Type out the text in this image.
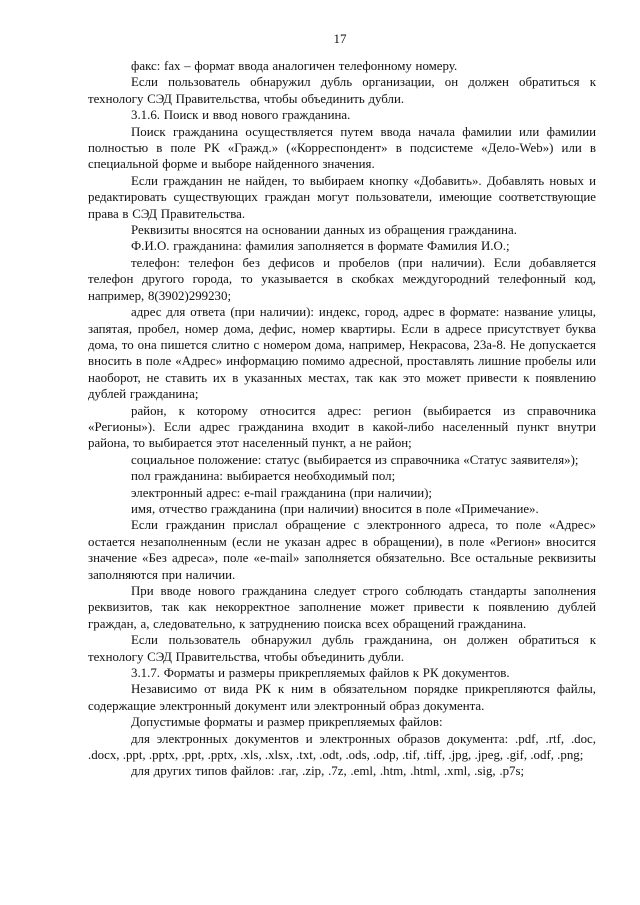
17

факс: fax – формат ввода аналогичен телефонному номеру.

Если пользователь обнаружил дубль организации, он должен обратиться к технологу СЭД Правительства, чтобы объединить дубли.

3.1.6. Поиск и ввод нового гражданина.

Поиск гражданина осуществляется путем ввода начала фамилии или фамилии полностью в поле РК «Гражд.» («Корреспондент» в подсистеме «Дело-Web») или в специальной форме и выборе найденного значения.

Если гражданин не найден, то выбираем кнопку «Добавить». Добавлять новых и редактировать существующих граждан могут пользователи, имеющие соответствующие права в СЭД Правительства.

Реквизиты вносятся на основании данных из обращения гражданина.

Ф.И.О. гражданина: фамилия заполняется в формате Фамилия И.О.;

телефон: телефон без дефисов и пробелов (при наличии). Если добавляется телефон другого города, то указывается в скобках междугородний телефонный код, например, 8(3902)299230;

адрес для ответа (при наличии): индекс, город, адрес в формате: название улицы, запятая, пробел, номер дома, дефис, номер квартиры. Если в адресе присутствует буква дома, то она пишется слитно с номером дома, например, Некрасова, 23а-8. Не допускается вносить в поле «Адрес» информацию помимо адресной, проставлять лишние пробелы или наоборот, не ставить их в указанных местах, так как это может привести к появлению дублей гражданина;

район, к которому относится адрес: регион (выбирается из справочника «Регионы»). Если адрес гражданина входит в какой-либо населенный пункт внутри района, то выбирается этот населенный пункт, а не район;

социальное положение: статус (выбирается из справочника «Статус заявителя»);

пол гражданина: выбирается необходимый пол;

электронный адрес: e-mail гражданина (при наличии);

имя, отчество гражданина (при наличии) вносится в поле «Примечание».

Если гражданин прислал обращение с электронного адреса, то поле «Адрес» остается незаполненным (если не указан адрес в обращении), в поле «Регион» вносится значение «Без адреса», поле «e-mail» заполняется обязательно. Все остальные реквизиты заполняются при наличии.

При вводе нового гражданина следует строго соблюдать стандарты заполнения реквизитов, так как некорректное заполнение может привести к появлению дублей граждан, а, следовательно, к затруднению поиска всех обращений гражданина.

Если пользователь обнаружил дубль гражданина, он должен обратиться к технологу СЭД Правительства, чтобы объединить дубли.

3.1.7. Форматы и размеры прикрепляемых файлов к РК документов.

Независимо от вида РК к ним в обязательном порядке прикрепляются файлы, содержащие электронный документ или электронный образ документа.

Допустимые форматы и размер прикрепляемых файлов:

для электронных документов и электронных образов документа: .pdf, .rtf, .doc, .docx, .ppt, .pptx, .ppt, .pptx, .xls, .xlsx, .txt, .odt, .ods, .odp, .tif, .tiff, .jpg, .jpeg, .gif, .odf, .png;

для других типов файлов: .rar, .zip, .7z, .eml, .htm, .html, .xml, .sig, .p7s;
